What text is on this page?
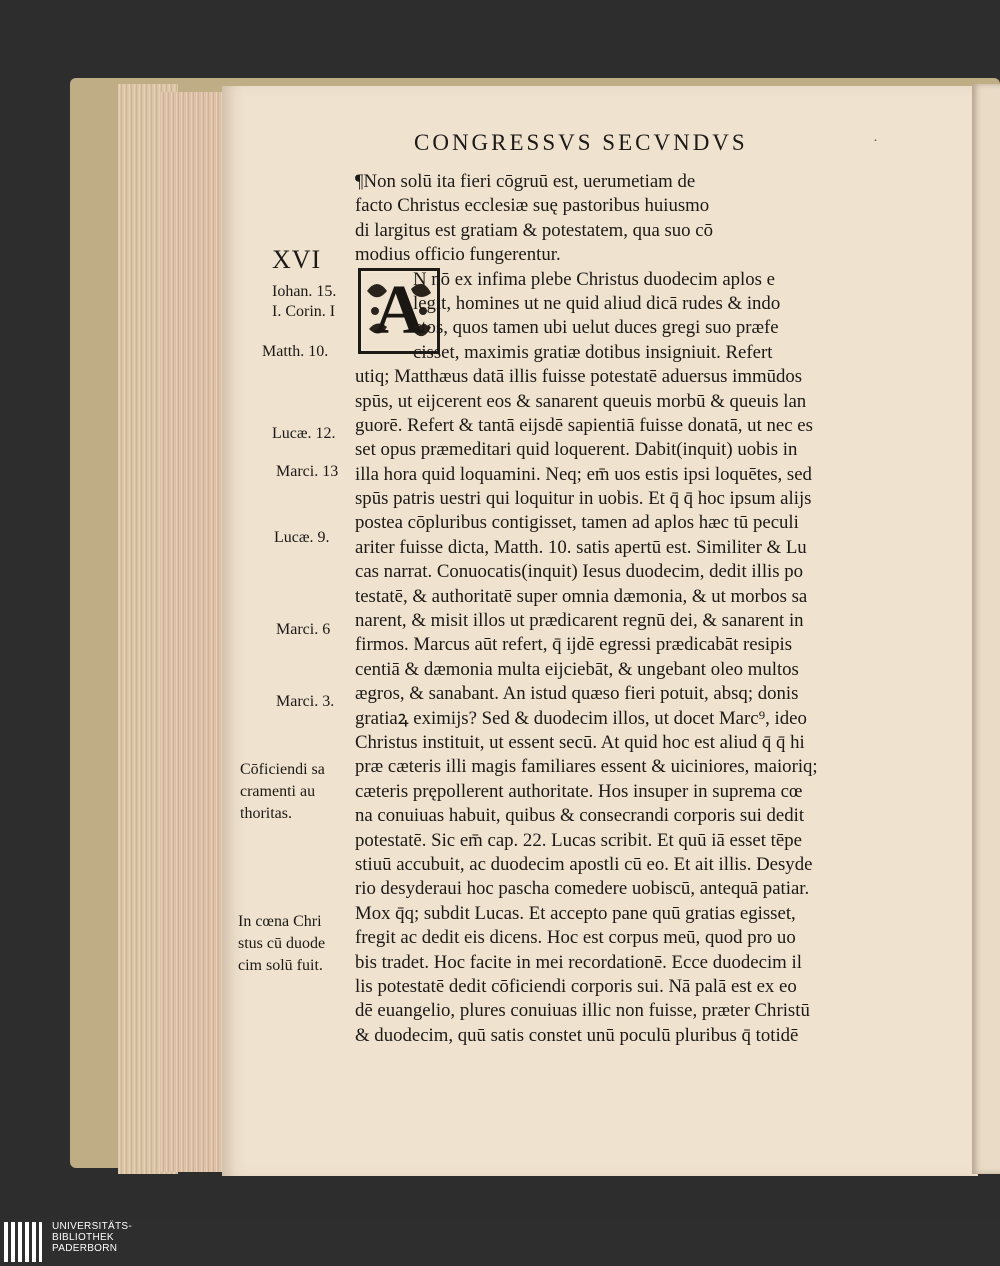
CONGRESSVS SECVNDVS	˙
A
¶Non solū ita fieri cōgruū est, uerumetiam de
facto Christus ecclesiæ suę pastoribus huiusmo
di largitus est gratiam & potestatem, qua suo cō
modius officio fungerentur.
N nō ex infima plebe Christus duodecim aplos e
legit, homines ut ne quid aliud dicā rudes & indo
ctos, quos tamen ubi uelut duces gregi suo præfe
cisset, maximis gratiæ dotibus insigniuit. Refert
utiq; Matthæus datā illis fuisse potestatē aduersus immūdos
spūs, ut eijcerent eos & sanarent queuis morbū & queuis lan
guorē. Refert & tantā eijsdē sapientiā fuisse donatā, ut nec es
set opus præmeditari quid loquerent. Dabit(inquit) uobis in
illa hora quid loquamini. Neq; em̄ uos estis ipsi loquētes, sed
spūs patris uestri qui loquitur in uobis. Et q̄ q̄ hoc ipsum alijs
postea cōpluribus contigisset, tamen ad aplos hæc tū peculi
ariter fuisse dicta, Matth. 10. satis apertū est. Similiter & Lu
cas narrat. Conuocatis(inquit) Iesus duodecim, dedit illis po
testatē, & authoritatē super omnia dæmonia, & ut morbos sa
narent, & misit illos ut prædicarent regnū dei, & sanarent in
firmos. Marcus aūt refert, q̄ ijdē egressi prædicabāt resipis
centiā & dæmonia multa eijciebāt, & ungebant oleo multos
ægros, & sanabant. An istud quæso fieri potuit, absq; donis
gratiaꝝ eximijs? Sed & duodecim illos, ut docet Marc⁹, ideo
Christus instituit, ut essent secū. At quid hoc est aliud q̄ q̄ hi
præ cæteris illi magis familiares essent & uiciniores, maioriq;
cæteris prępollerent authoritate. Hos insuper in suprema cœ
na conuiuas habuit, quibus & consecrandi corporis sui dedit
potestatē. Sic em̄ cap. 22. Lucas scribit. Et quū iā esset tēpe
stiuū accubuit, ac duodecim apostli cū eo. Et ait illis. Desyde
rio desyderaui hoc pascha comedere uobiscū, antequā patiar.
Mox q̄q; subdit Lucas. Et accepto pane quū gratias egisset,
fregit ac dedit eis dicens. Hoc est corpus meū, quod pro uo
bis tradet. Hoc facite in mei recordationē. Ecce duodecim il
lis potestatē dedit cōficiendi corporis sui. Nā palā est ex eo
dē euangelio, plures conuiuas illic non fuisse, præter Christū
& duodecim, quū satis constet unū poculū pluribus q̄ totidē
XVI
Iohan. 15.
I. Corin. I
Matth. 10.
Lucæ. 12.
Marci. 13
Lucæ. 9.
Marci. 6
Marci. 3.
Cōficiendi sa
cramenti au
thoritas.
In cœna Chri
stus cū duode
cim solū fuit.
UNIVERSITÄTS-
BIBLIOTHEK
PADERBORN
